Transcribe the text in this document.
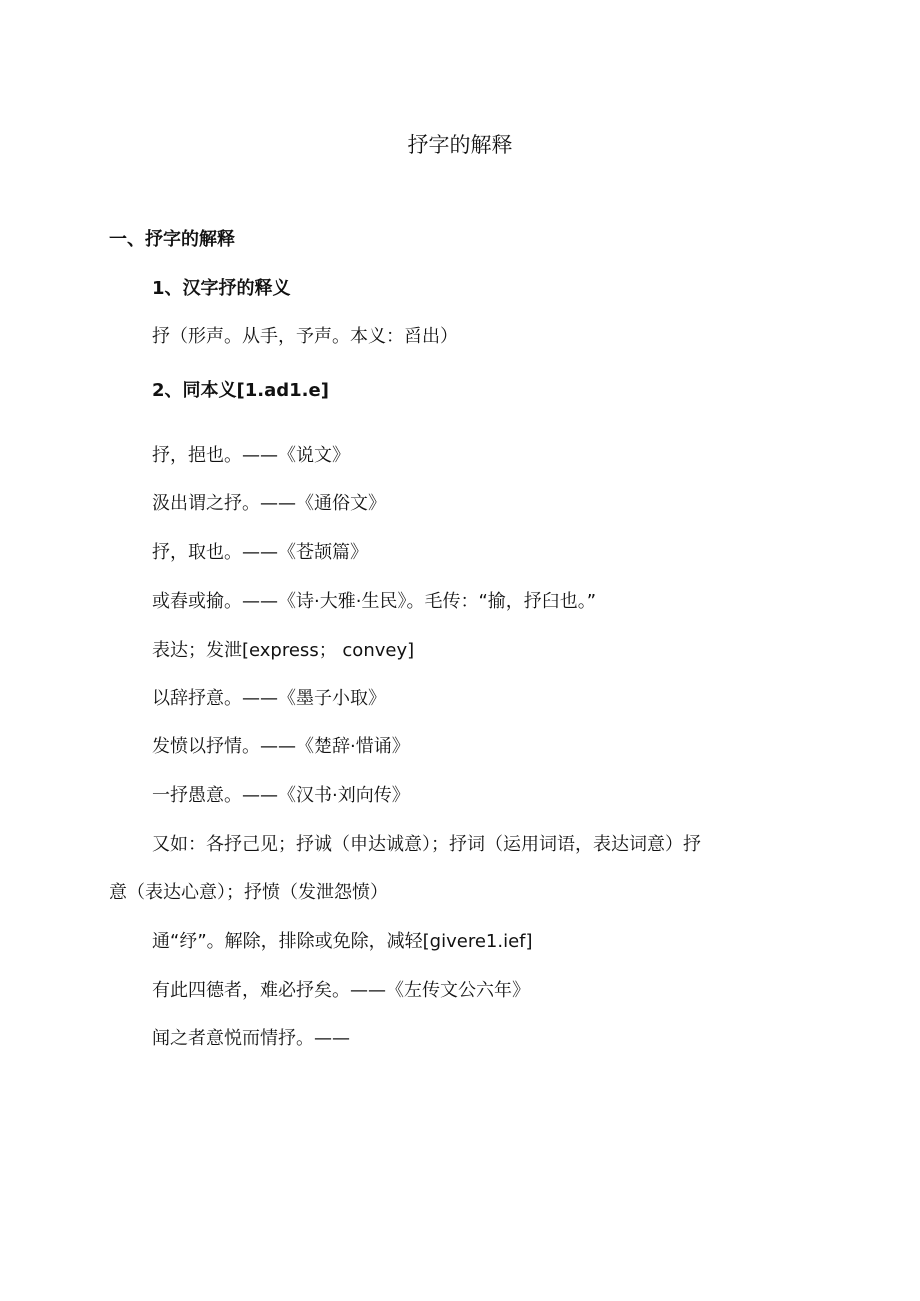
抒字的解释
一、抒字的解释
1、汉字抒的释义
抒（形声。从手，予声。本义：舀出）
2、同本义[1.ad1.e]
抒，挹也。——《说文》
汲出谓之抒。——《通俗文》
抒，取也。——《苍颉篇》
或舂或揄。——《诗·大雅·生民》。毛传：“揄，抒臼也。”
表达；发泄[express； convey]
以辞抒意。——《墨子小取》
发愤以抒情。——《楚辞·惜诵》
一抒愚意。——《汉书·刘向传》
又如：各抒己见；抒诚（申达诚意）；抒词（运用词语，表达词意）抒
意（表达心意）；抒愤（发泄怨愤）
通“纾”。解除，排除或免除，减轻[givere1.ief]
有此四德者，难必抒矣。——《左传文公六年》
闻之者意悦而情抒。——
